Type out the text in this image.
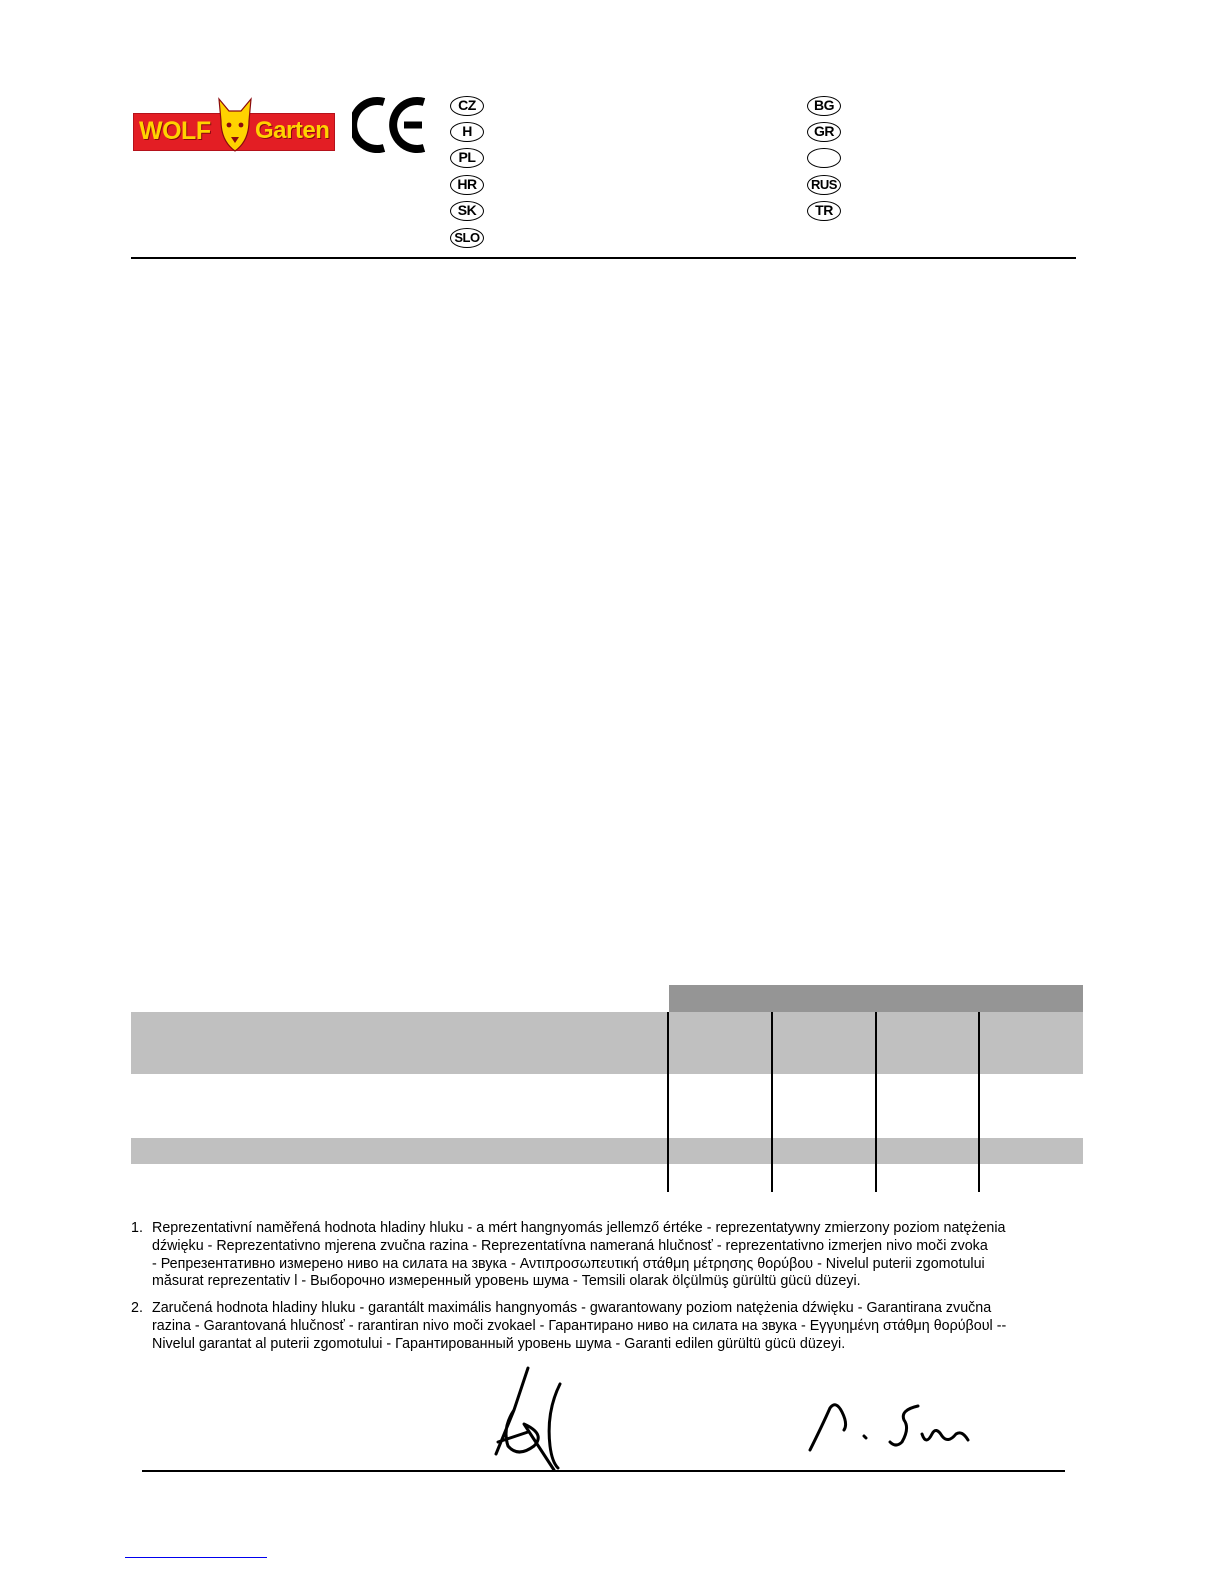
WOLF Garten
CZ
H
PL
HR
SK
SLO
BG
GR
RUS
TR
1. Reprezentativní naměřená hodnota hladiny hluku - a mért hangnyomás jellemző értéke - reprezentatywny zmierzony poziom natężenia
dźwięku - Reprezentativno mjerena zvučna razina - Reprezentatívna nameraná hlučnosť - reprezentativno izmerjen nivo moči zvoka
- Репрезентативно измерено ниво на силата на звука - Αντιπροσωπευτική στάθμη μέτρησης θορύβου - Nivelul puterii zgomotului
măsurat reprezentativ l - Выборочно измеренный уровень шума - Temsili olarak ölçülmüş gürültü gücü düzeyi.
2. Zaručená hodnota hladiny hluku - garantált maximális hangnyomás - gwarantowany poziom natężenia dźwięku - Garantirana zvučna
razina - Garantovaná hlučnosť - rarantiran nivo moči zvokael - Гарантирано ниво на силата на звука - Εγγυημένη στάθμη θορύβουl --
Nivelul garantat al puterii zgomotului - Гарантированный уровень шума - Garanti edilen gürültü gücü düzeyi.
